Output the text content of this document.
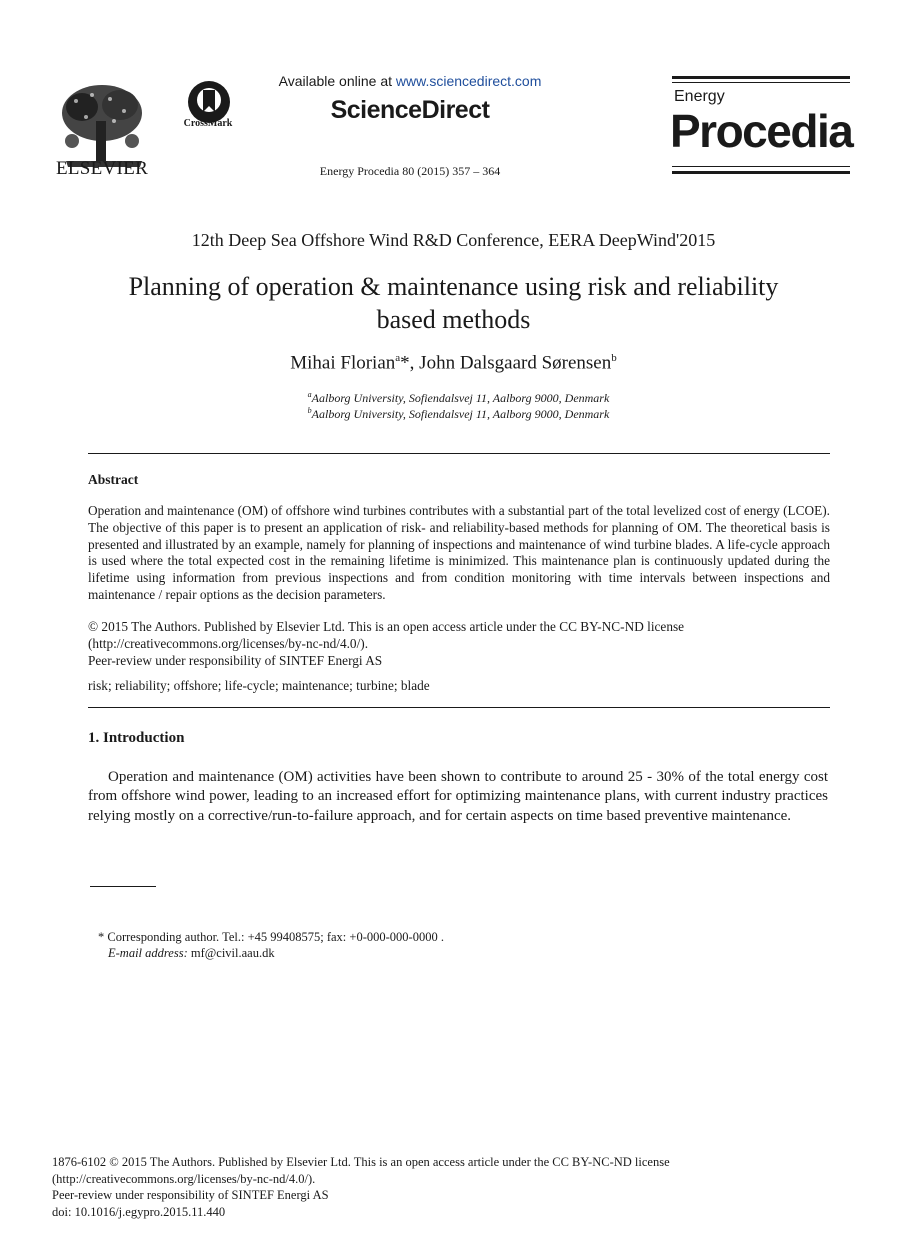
ELSEVIER
CrossMark
Available online at www.sciencedirect.com
ScienceDirect
Energy Procedia 80 (2015) 357 – 364
Energy
Procedia
12th Deep Sea Offshore Wind R&D Conference, EERA DeepWind'2015
Planning of operation & maintenance using risk and reliability
based methods
Mihai Florian$^a$*, John Dalsgaard Sørensen$^b$
$^a$Aalborg University, Sofiendalsvej 11, Aalborg 9000, Denmark
$^b$Aalborg University, Sofiendalsvej 11, Aalborg 9000, Denmark
Abstract
Operation and maintenance (OM) of offshore wind turbines contributes with a substantial part of the total levelized cost of energy (LCOE). The objective of this paper is to present an application of risk- and reliability-based methods for planning of OM. The theoretical basis is presented and illustrated by an example, namely for planning of inspections and maintenance of wind turbine blades. A life-cycle approach is used where the total expected cost in the remaining lifetime is minimized. This maintenance plan is continuously updated during the lifetime using information from previous inspections and from condition monitoring with time intervals between inspections and maintenance / repair options as the decision parameters.
© 2015 The Authors. Published by Elsevier Ltd. This is an open access article under the CC BY-NC-ND license
(http://creativecommons.org/licenses/by-nc-nd/4.0/).
Peer-review under responsibility of SINTEF Energi AS
risk; reliability; offshore; life-cycle; maintenance; turbine; blade
1. Introduction
Operation and maintenance (OM) activities have been shown to contribute to around 25 - 30% of the total energy cost from offshore wind power, leading to an increased effort for optimizing maintenance plans, with current industry practices relying mostly on a corrective/run-to-failure approach, and for certain aspects on time based preventive maintenance.
* Corresponding author. Tel.: +45 99408575; fax: +0-000-000-0000 .
E-mail address: mf@civil.aau.dk
1876-6102 © 2015 The Authors. Published by Elsevier Ltd. This is an open access article under the CC BY-NC-ND license
(http://creativecommons.org/licenses/by-nc-nd/4.0/).
Peer-review under responsibility of SINTEF Energi AS
doi: 10.1016/j.egypro.2015.11.440
